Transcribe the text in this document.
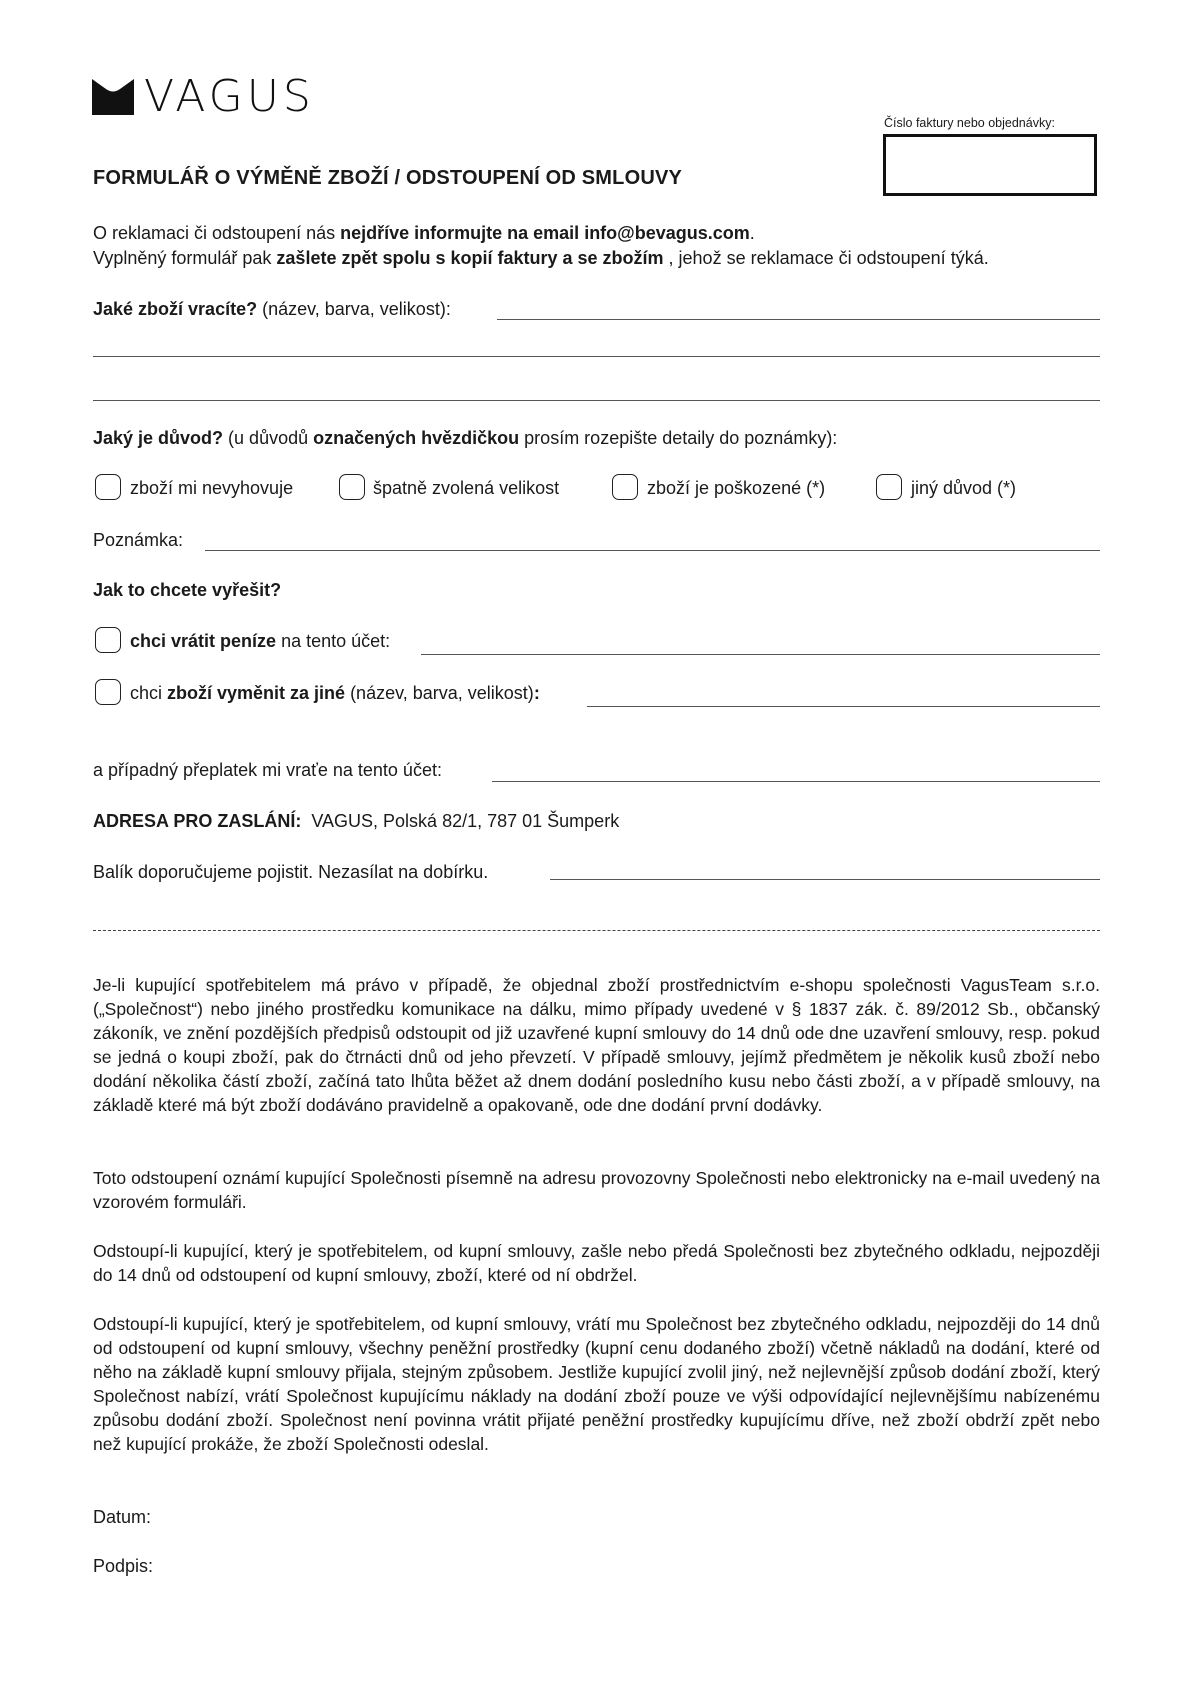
VAGUS
Číslo faktury nebo objednávky:
FORMULÁŘ O VÝMĚNĚ ZBOŽÍ / ODSTOUPENÍ OD SMLOUVY
O reklamaci či odstoupení nás nejdříve informujte na email info@bevagus.com.
Vyplněný formulář pak zašlete zpět spolu s kopií faktury a se zbožím , jehož se reklamace či odstoupení týká.
Jaké zboží vracíte? (název, barva, velikost):
Jaký je důvod? (u důvodů označených hvězdičkou prosím rozepište detaily do poznámky):
zboží mi nevyhovuje	špatně zvolená velikost	zboží je poškozené (*)	jiný důvod (*)
Poznámka:
Jak to chcete vyřešit?
chci vrátit peníze na tento účet:
chci zboží vyměnit za jiné (název, barva, velikost):
a případný přeplatek mi vraťe na tento účet:
ADRESA PRO ZASLÁNÍ: VAGUS, Polská 82/1, 787 01 Šumperk
Balík doporučujeme pojistit. Nezasílat na dobírku.
Je-li kupující spotřebitelem má právo v případě, že objednal zboží prostřednictvím e-shopu společnosti VagusTeam s.r.o. („Společnost“) nebo jiného prostředku komunikace na dálku, mimo případy uvedené v § 1837 zák. č. 89/2012 Sb., občanský zákoník, ve znění pozdějších předpisů odstoupit od již uzavřené kupní smlouvy do 14 dnů ode dne uzavření smlouvy, resp. pokud se jedná o koupi zboží, pak do čtrnácti dnů od jeho převzetí. V případě smlouvy, jejímž předmětem je několik kusů zboží nebo dodání několika částí zboží, začíná tato lhůta běžet až dnem dodání posledního kusu nebo části zboží, a v případě smlouvy, na základě které má být zboží dodáváno pravidelně a opakovaně, ode dne dodání první dodávky.
Toto odstoupení oznámí kupující Společnosti písemně na adresu provozovny Společnosti nebo elektronicky na e-mail uvedený na vzorovém formuláři.
Odstoupí-li kupující, který je spotřebitelem, od kupní smlouvy, zašle nebo předá Společnosti bez zbytečného odkladu, nejpozději do 14 dnů od odstoupení od kupní smlouvy, zboží, které od ní obdržel.
Odstoupí-li kupující, který je spotřebitelem, od kupní smlouvy, vrátí mu Společnost bez zbytečného odkladu, nejpozději do 14 dnů od odstoupení od kupní smlouvy, všechny peněžní prostředky (kupní cenu dodaného zboží) včetně nákladů na dodání, které od něho na základě kupní smlouvy přijala, stejným způsobem. Jestliže kupující zvolil jiný, než nejlevnější způsob dodání zboží, který Společnost nabízí, vrátí Společnost kupujícímu náklady na dodání zboží pouze ve výši odpovídající nejlevnějšímu nabízenému způsobu dodání zboží. Společnost není povinna vrátit přijaté peněžní prostředky kupujícímu dříve, než zboží obdrží zpět nebo než kupující prokáže, že zboží Společnosti odeslal.
Datum:
Podpis:
